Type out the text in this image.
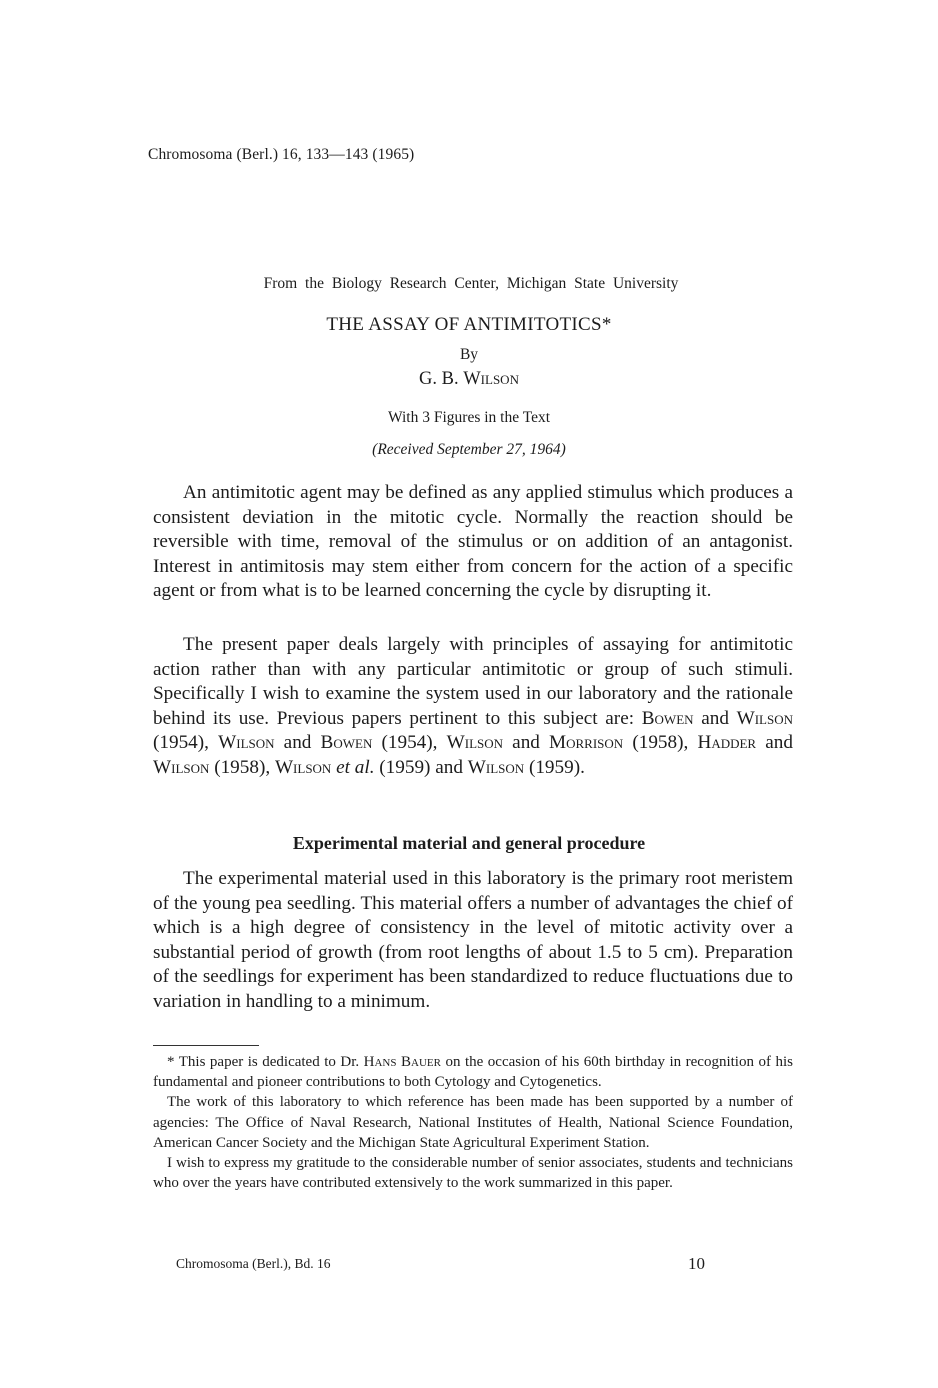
Chromosoma (Berl.) 16, 133—143 (1965)
From the Biology Research Center, Michigan State University
THE ASSAY OF ANTIMITOTICS*
By
G. B. Wilson
With 3 Figures in the Text
(Received September 27, 1964)

An antimitotic agent may be defined as any applied stimulus which produces a consistent deviation in the mitotic cycle. Normally the reaction should be reversible with time, removal of the stimulus or on addition of an antagonist. Interest in antimitosis may stem either from concern for the action of a specific agent or from what is to be learned concerning the cycle by disrupting it.

The present paper deals largely with principles of assaying for antimitotic action rather than with any particular antimitotic or group of such stimuli. Specifically I wish to examine the system used in our laboratory and the rationale behind its use. Previous papers pertinent to this subject are: Bowen and Wilson (1954), Wilson and Bowen (1954), Wilson and Morrison (1958), Hadder and Wilson (1958), Wilson et al. (1959) and Wilson (1959).

Experimental material and general procedure

The experimental material used in this laboratory is the primary root meristem of the young pea seedling. This material offers a number of advantages the chief of which is a high degree of consistency in the level of mitotic activity over a substantial period of growth (from root lengths of about 1.5 to 5 cm). Preparation of the seedlings for experiment has been standardized to reduce fluctuations due to variation in handling to a minimum.

* This paper is dedicated to Dr. Hans Bauer on the occasion of his 60th birthday in recognition of his fundamental and pioneer contributions to both Cytology and Cytogenetics.

The work of this laboratory to which reference has been made has been supported by a number of agencies: The Office of Naval Research, National Institutes of Health, National Science Foundation, American Cancer Society and the Michigan State Agricultural Experiment Station.

I wish to express my gratitude to the considerable number of senior associates, students and technicians who over the years have contributed extensively to the work summarized in this paper.

Chromosoma (Berl.), Bd. 16	10
